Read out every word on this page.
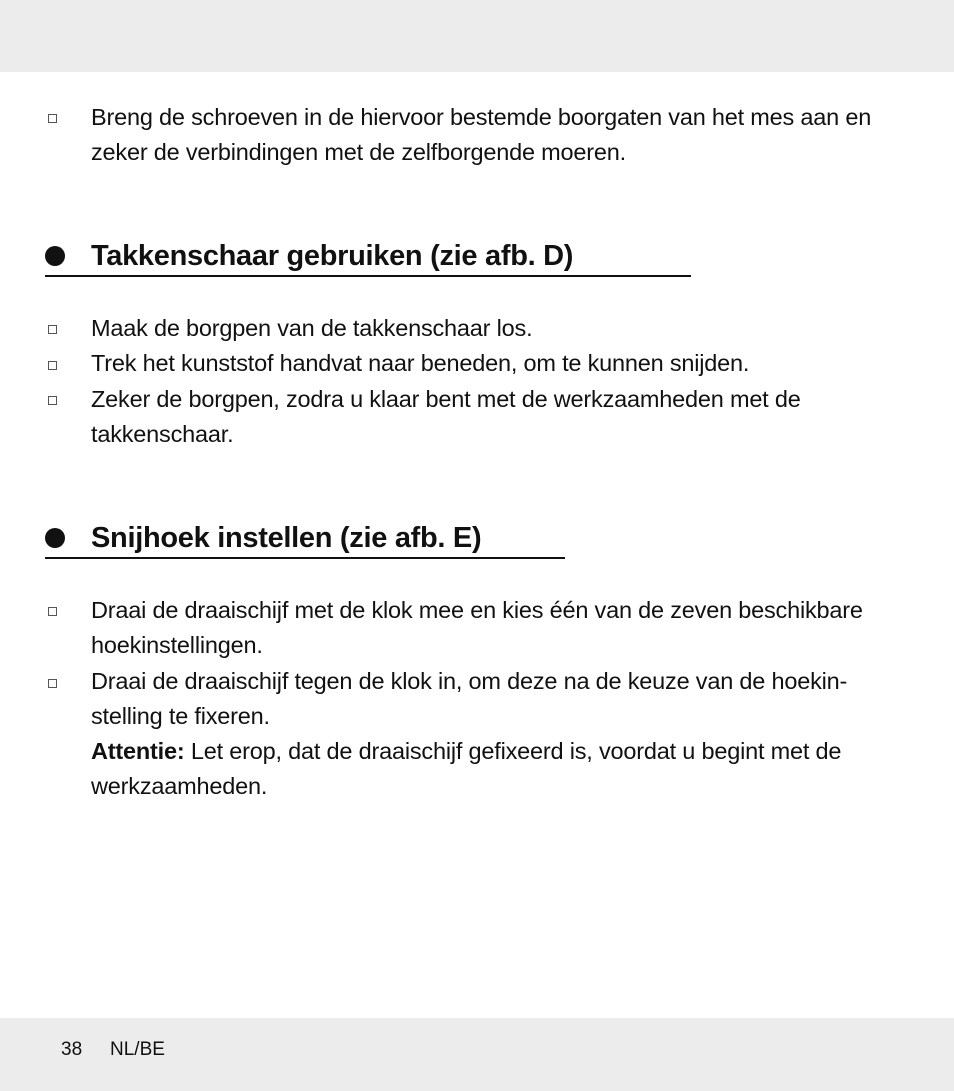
Breng de schroeven in de hiervoor bestemde boorgaten van het mes aan en zeker de verbindingen met de zelfborgende moeren.
Takkenschaar gebruiken (zie afb. D)
Maak de borgpen van de takkenschaar los.
Trek het kunststof handvat naar beneden, om te kunnen snijden.
Zeker de borgpen, zodra u klaar bent met de werkzaamheden met de takkenschaar.
Snijhoek instellen (zie afb. E)
Draai de draaischijf met de klok mee en kies één van de zeven beschikbare hoekinstellingen.
Draai de draaischijf tegen de klok in, om deze na de keuze van de hoekin-stelling te fixeren.
Attentie: Let erop, dat de draaischijf gefixeerd is, voordat u begint met de werkzaamheden.
38 NL/BE
